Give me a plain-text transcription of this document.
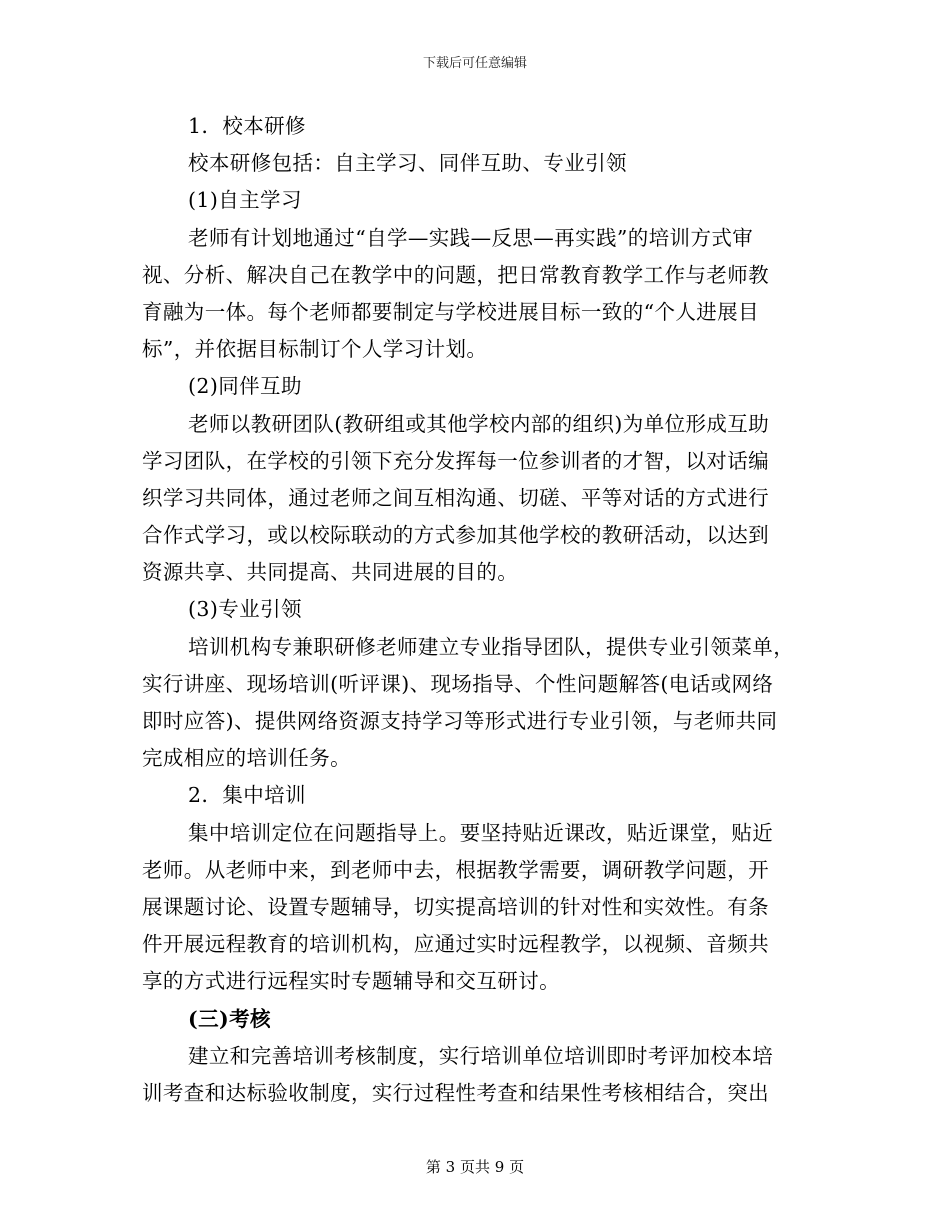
下载后可任意编辑
1．校本研修
校本研修包括：自主学习、同伴互助、专业引领
(1)自主学习
老师有计划地通过“自学—实践—反思—再实践”的培训方式审
视、分析、解决自己在教学中的问题，把日常教育教学工作与老师教
育融为一体。每个老师都要制定与学校进展目标一致的“个人进展目
标”，并依据目标制订个人学习计划。
(2)同伴互助
老师以教研团队(教研组或其他学校内部的组织)为单位形成互助
学习团队，在学校的引领下充分发挥每一位参训者的才智，以对话编
织学习共同体，通过老师之间互相沟通、切磋、平等对话的方式进行
合作式学习，或以校际联动的方式参加其他学校的教研活动，以达到
资源共享、共同提高、共同进展的目的。
(3)专业引领
培训机构专兼职研修老师建立专业指导团队，提供专业引领菜单，
实行讲座、现场培训(听评课)、现场指导、个性问题解答(电话或网络
即时应答)、提供网络资源支持学习等形式进行专业引领，与老师共同
完成相应的培训任务。
2．集中培训
集中培训定位在问题指导上。要坚持贴近课改，贴近课堂，贴近
老师。从老师中来，到老师中去，根据教学需要，调研教学问题，开
展课题讨论、设置专题辅导，切实提高培训的针对性和实效性。有条
件开展远程教育的培训机构，应通过实时远程教学，以视频、音频共
享的方式进行远程实时专题辅导和交互研讨。
(三)考核
建立和完善培训考核制度，实行培训单位培训即时考评加校本培
训考查和达标验收制度，实行过程性考查和结果性考核相结合，突出
第 3 页共 9 页
